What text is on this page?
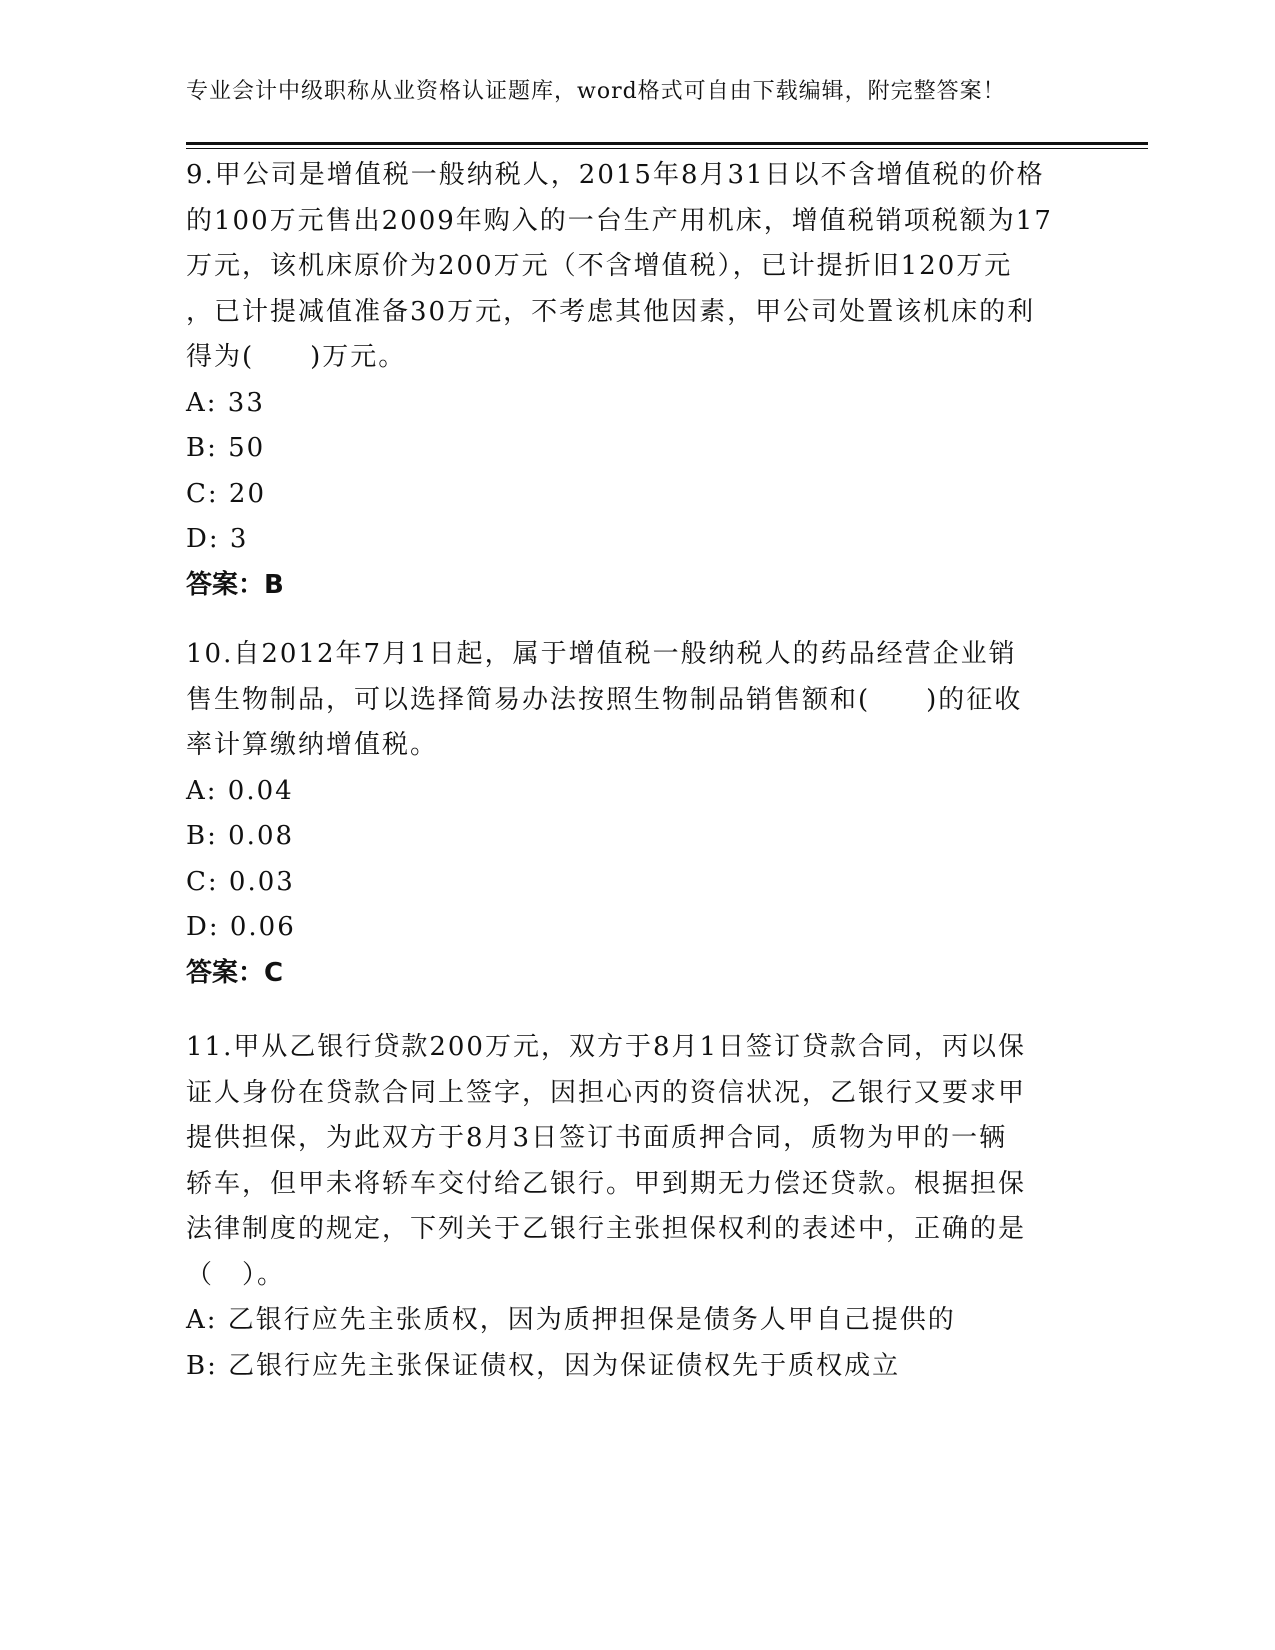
专业会计中级职称从业资格认证题库，word格式可自由下载编辑，附完整答案！
9.甲公司是增值税一般纳税人，2015年8月31日以不含增值税的价格
的100万元售出2009年购入的一台生产用机床，增值税销项税额为17
万元，该机床原价为200万元（不含增值税），已计提折旧120万元
，已计提减值准备30万元，不考虑其他因素，甲公司处置该机床的利
得为(　　)万元。
A: 33
B: 50
C: 20
D: 3
答案：B
10.自2012年7月1日起，属于增值税一般纳税人的药品经营企业销
售生物制品，可以选择简易办法按照生物制品销售额和(　　)的征收
率计算缴纳增值税。
A: 0.04
B: 0.08
C: 0.03
D: 0.06
答案：C
11.甲从乙银行贷款200万元，双方于8月1日签订贷款合同，丙以保
证人身份在贷款合同上签字，因担心丙的资信状况，乙银行又要求甲
提供担保，为此双方于8月3日签订书面质押合同，质物为甲的一辆
轿车，但甲未将轿车交付给乙银行。甲到期无力偿还贷款。根据担保
法律制度的规定，下列关于乙银行主张担保权利的表述中，正确的是
（　）。
A: 乙银行应先主张质权，因为质押担保是债务人甲自己提供的
B: 乙银行应先主张保证债权，因为保证债权先于质权成立
